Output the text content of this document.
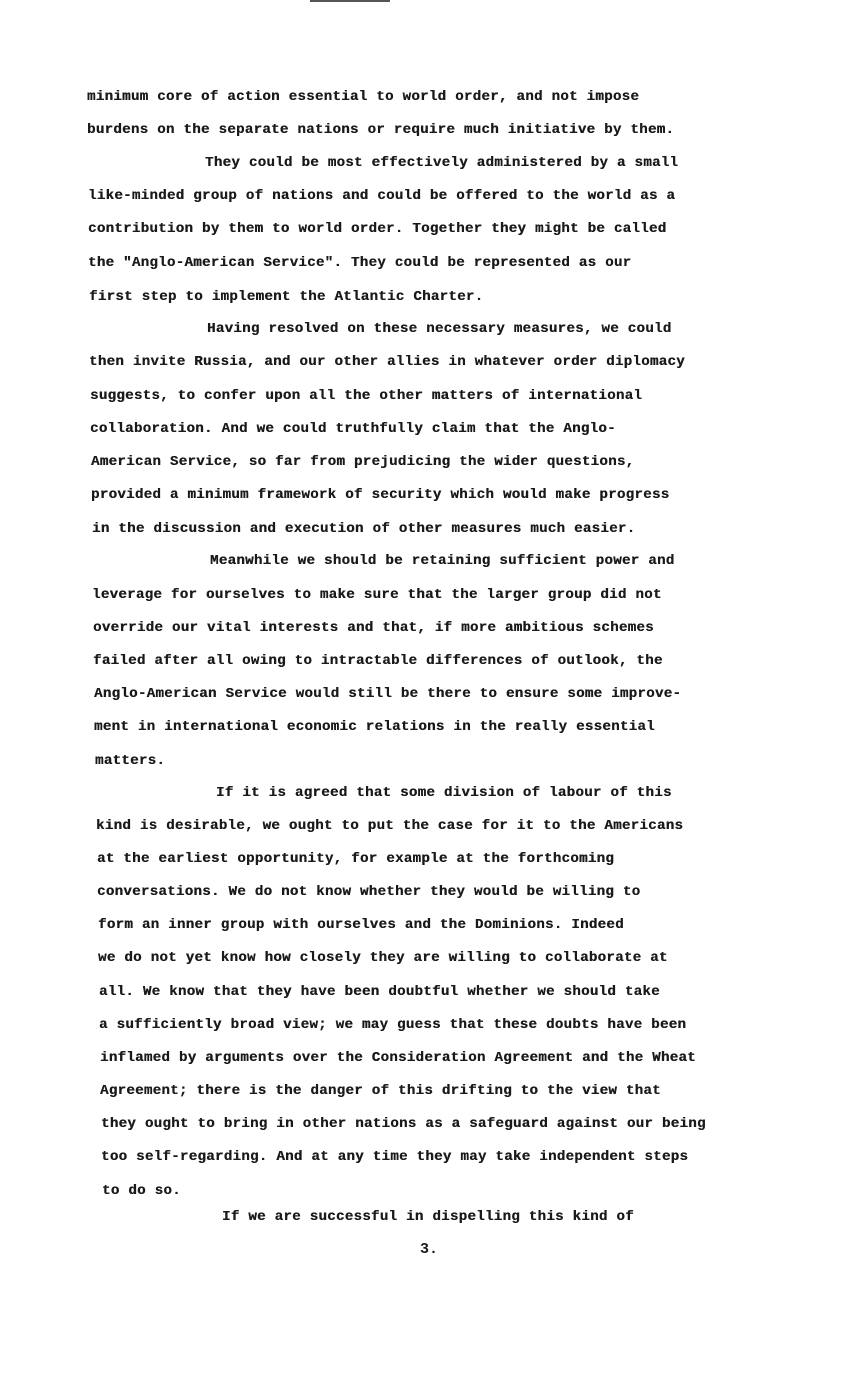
minimum core of action essential to world order, and not impose
burdens on the separate nations or require much initiative by them.
They could be most effectively administered by a small
like-minded group of nations and could be offered to the world as a
contribution by them to world order. Together they might be called
the "Anglo-American Service". They could be represented as our
first step to implement the Atlantic Charter.
Having resolved on these necessary measures, we could
then invite Russia, and our other allies in whatever order diplomacy
suggests, to confer upon all the other matters of international
collaboration. And we could truthfully claim that the Anglo-
American Service, so far from prejudicing the wider questions,
provided a minimum framework of security which would make progress
in the discussion and execution of other measures much easier.
Meanwhile we should be retaining sufficient power and
leverage for ourselves to make sure that the larger group did not
override our vital interests and that, if more ambitious schemes
failed after all owing to intractable differences of outlook, the
Anglo-American Service would still be there to ensure some improve-
ment in international economic relations in the really essential
matters.
If it is agreed that some division of labour of this
kind is desirable, we ought to put the case for it to the Americans
at the earliest opportunity, for example at the forthcoming
conversations. We do not know whether they would be willing to
form an inner group with ourselves and the Dominions. Indeed
we do not yet know how closely they are willing to collaborate at
all. We know that they have been doubtful whether we should take
a sufficiently broad view; we may guess that these doubts have been
inflamed by arguments over the Consideration Agreement and the Wheat
Agreement; there is the danger of this drifting to the view that
they ought to bring in other nations as a safeguard against our being
too self-regarding. And at any time they may take independent steps
to do so.
If we are successful in dispelling this kind of
3.
